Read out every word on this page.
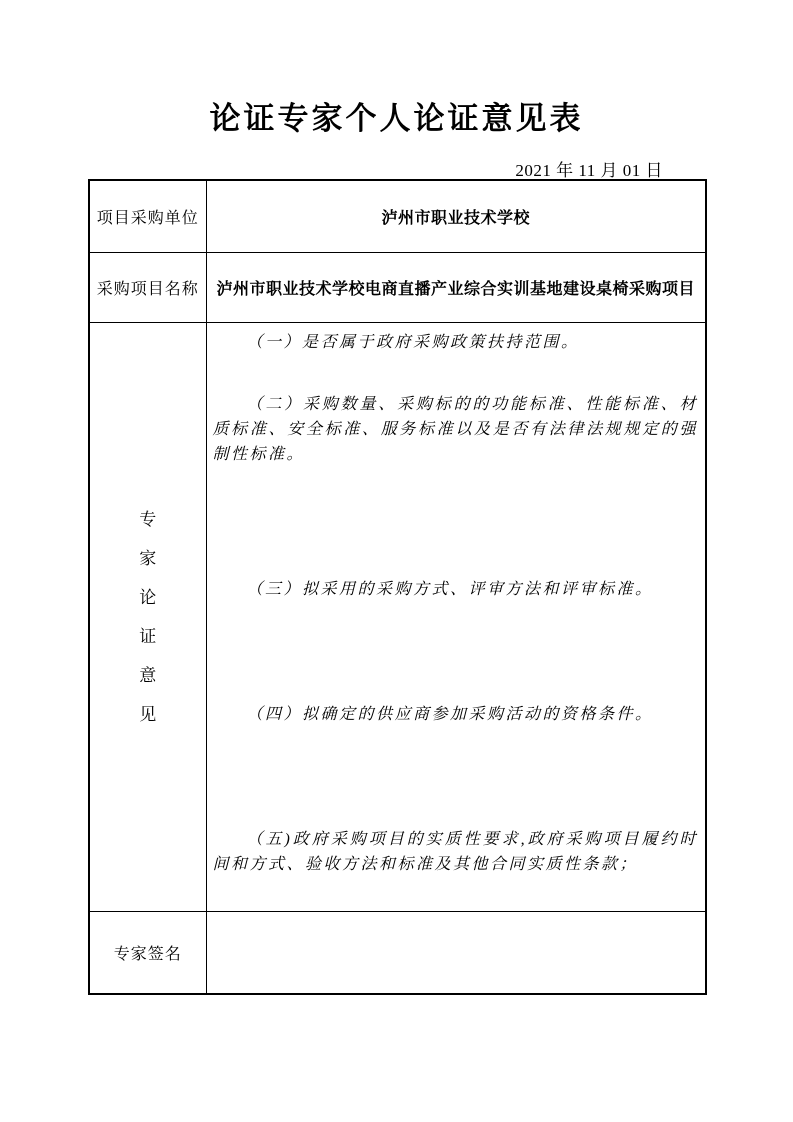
论证专家个人论证意见表
2021 年 11 月 01 日
项目采购单位	泸州市职业技术学校
采购项目名称	泸州市职业技术学校电商直播产业综合实训基地建设桌椅采购项目
专家论证意见	（一）是否属于政府采购政策扶持范围。
（二）采购数量、采购标的的功能标准、性能标准、材质标准、安全标准、服务标准以及是否有法律法规规定的强制性标准。
（三）拟采用的采购方式、评审方法和评审标准。
（四）拟确定的供应商参加采购活动的资格条件。
（五)政府采购项目的实质性要求,政府采购项目履约时间和方式、验收方法和标准及其他合同实质性条款；

专家签名	
